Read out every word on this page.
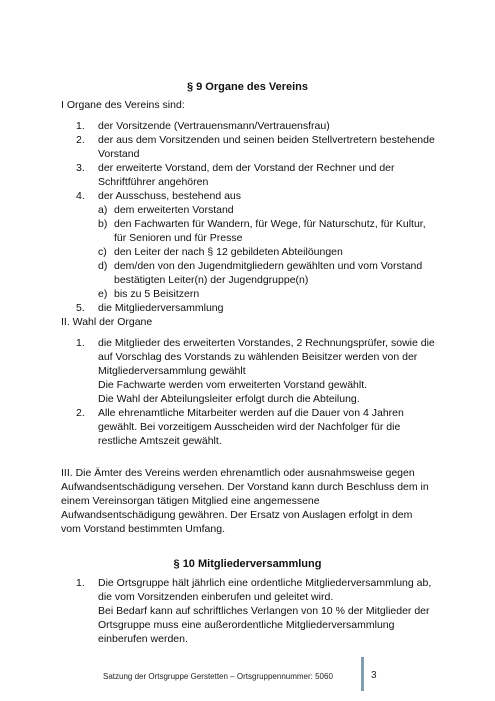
§ 9 Organe des Vereins
I Organe des Vereins sind:
1.	der Vorsitzende (Vertrauensmann/Vertrauensfrau)
2.	der aus dem Vorsitzenden und seinen beiden Stellvertretern bestehende Vorstand
3.	der erweiterte Vorstand, dem der Vorstand der Rechner und der Schriftführer angehören
4.	der Ausschuss, bestehend aus
a) dem erweiterten Vorstand
b) den Fachwarten für Wandern, für Wege, für Naturschutz, für Kultur, für Senioren und für Presse
c) den Leiter der nach § 12 gebildeten Abteilöungen
d) dem/den von den Jugendmitgliedern gewählten und vom Vorstand bestätigten Leiter(n) der Jugendgruppe(n)
e) bis zu 5 Beisitzern
5.	die Mitgliederversammlung
II. Wahl der Organe
1.	die Mitglieder des erweiterten Vorstandes, 2 Rechnungsprüfer, sowie die auf Vorschlag des Vorstands zu wählenden Beisitzer werden von der Mitgliederversammlung gewählt
Die Fachwarte werden vom erweiterten Vorstand gewählt.
Die Wahl der Abteilungsleiter erfolgt durch die Abteilung.
2.	Alle ehrenamtliche Mitarbeiter werden auf die Dauer von 4 Jahren gewählt. Bei vorzeitigem Ausscheiden wird der Nachfolger für die restliche Amtszeit gewählt.
III. Die Ämter des Vereins werden ehrenamtlich oder ausnahmsweise gegen Aufwandsentschädigung versehen. Der Vorstand kann durch Beschluss dem in einem Vereinsorgan tätigen Mitglied eine angemessene Aufwandsentschädigung gewähren. Der Ersatz von Auslagen erfolgt in dem vom Vorstand bestimmten Umfang.
§ 10 Mitgliederversammlung
1.	Die Ortsgruppe hält jährlich eine ordentliche Mitgliederversammlung ab, die vom Vorsitzenden einberufen und geleitet wird.
Bei Bedarf kann auf schriftliches Verlangen von 10 % der Mitglieder der Ortsgruppe muss eine außerordentliche Mitgliederversammlung einberufen werden.
Satzung der Ortsgruppe Gerstetten – Ortsgruppennummer: 5060	3
